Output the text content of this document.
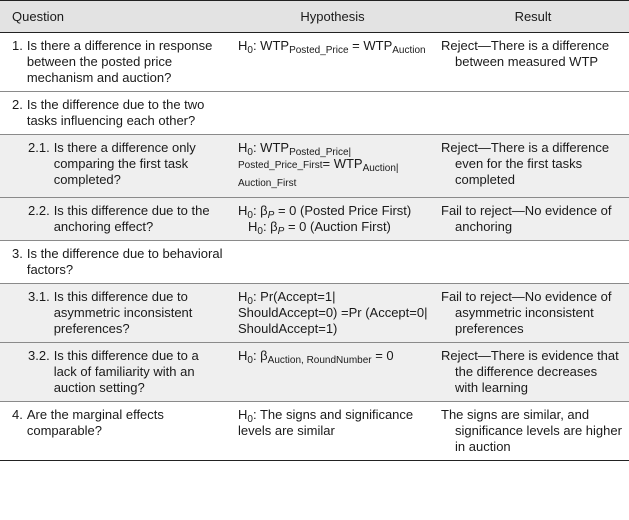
Question	Hypothesis	Result

1. Is there a difference in response between the posted price mechanism and auction?	$H_0$: $WTP_{Posted\_Price} = WTP_{Auction}$	Reject—There is a difference between measured WTP

2. Is the difference due to the two tasks influencing each other?		

2.1. Is there a difference only comparing the first task completed?	$H_0$: $WTP_{Posted\_Price|}$
Posted_Price_First= $WTP_{Auction|}$
Auction_First	Reject—There is a difference even for the first tasks completed

2.2. Is this difference due to the anchoring effect?	$H_0$: $\beta_P = 0$ (Posted Price First)
$H_0$: $\beta_P = 0$ (Auction First)	Fail to reject—No evidence of anchoring

3. Is the difference due to behavioral factors?		

3.1. Is this difference due to asymmetric inconsistent preferences?	$H_0$: Pr(Accept=1| ShouldAccept=0) =Pr (Accept=0| ShouldAccept=1)	Fail to reject—No evidence of asymmetric inconsistent preferences

3.2. Is this difference due to a lack of familiarity with an auction setting?	$H_0$: $\beta_{Auction, RoundNumber} = 0$	Reject—There is evidence that the difference decreases with learning

4. Are the marginal effects comparable?	$H_0$: The signs and significance levels are similar	The signs are similar, and significance levels are higher in auction
